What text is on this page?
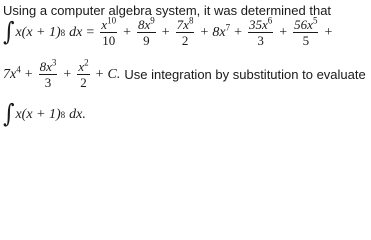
Using a computer algebra system, it was determined that
∫ x(x + 1) 8 dx = $\frac{x^{10}}{10} + \frac{8x^9}{9} + \frac{7x^8}{2} + 8x^7 + \frac{35x^6}{3} + \frac{56x^5}{5}$ +
$7x^4 + \frac{8x^3}{3} + \frac{x^2}{2} + C$. Use integration by substitution to evaluate
∫ x(x + 1) 8 dx.
